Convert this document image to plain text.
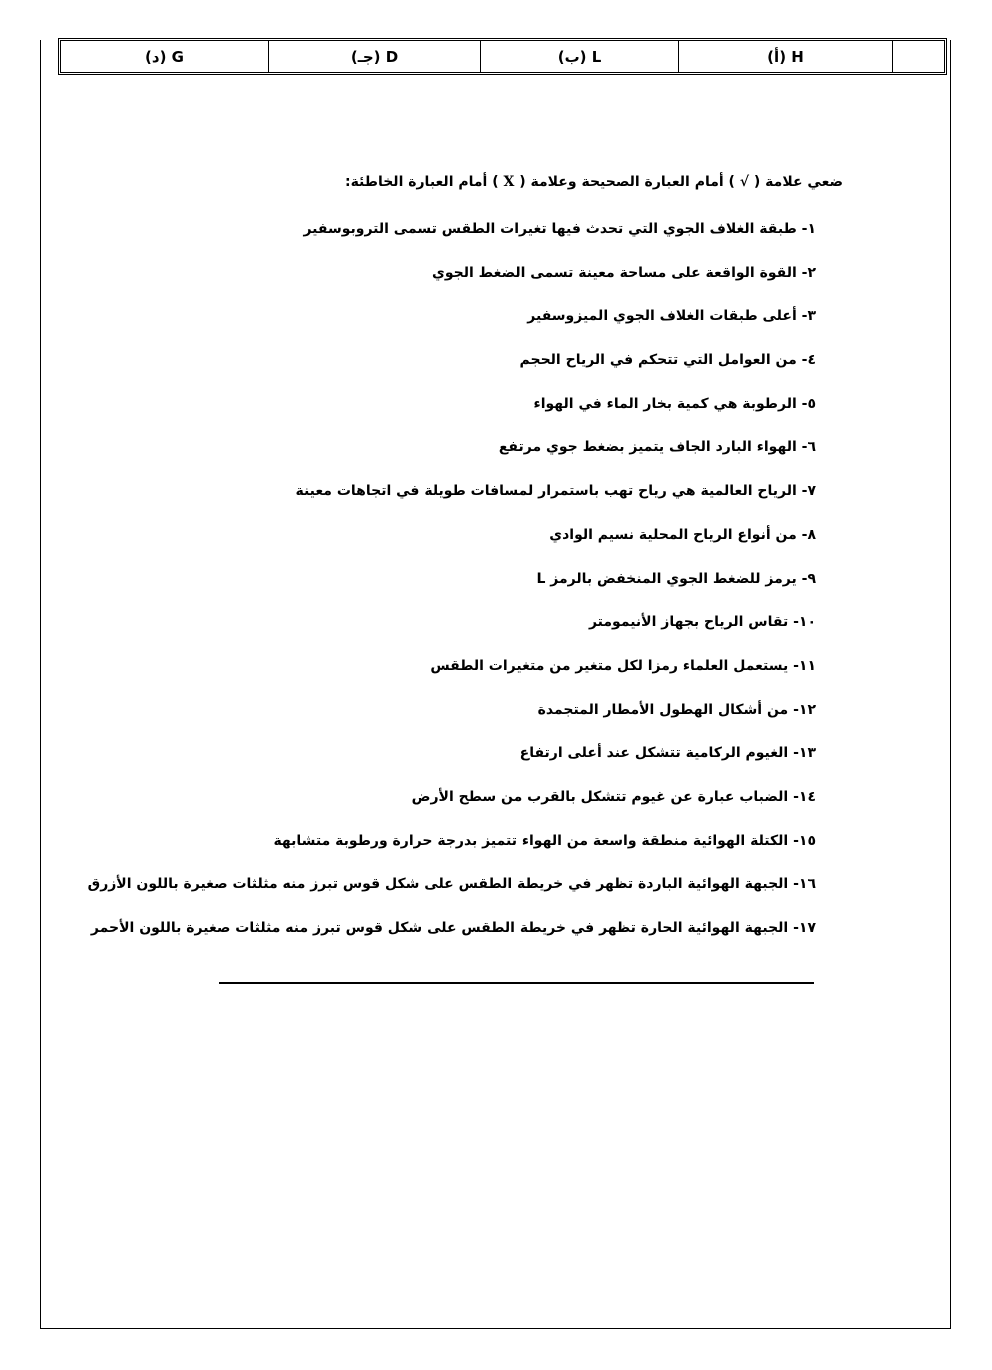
(أ) H
(ب) L
(جـ) D
(د) G
ضعي علامة ( √ ) أمام العبارة الصحيحة وعلامة ( X ) أمام العبارة الخاطئة:
١- طبقة الغلاف الجوي التي تحدث فيها تغيرات الطقس تسمى التروبوسفير
٢- القوة الواقعة على مساحة معينة تسمى الضغط الجوي
٣- أعلى طبقات الغلاف الجوي الميزوسفير
٤- من العوامل التي تتحكم في الرياح الحجم
٥- الرطوبة هي كمية بخار الماء في الهواء
٦- الهواء البارد الجاف يتميز بضغط جوي مرتفع
٧- الرياح العالمية هي رياح تهب باستمرار لمسافات طويلة في اتجاهات معينة
٨- من أنواع الرياح المحلية نسيم الوادي
٩- يرمز للضغط الجوي المنخفض بالرمز L
١٠- تقاس الرياح بجهاز الأنيمومتر
١١- يستعمل العلماء رمزا لكل متغير من متغيرات الطقس
١٢- من أشكال الهطول الأمطار المتجمدة
١٣- الغيوم الركامية تتشكل عند أعلى ارتفاع
١٤- الضباب عبارة عن غيوم تتشكل بالقرب من سطح الأرض
١٥- الكتلة الهوائية منطقة واسعة من الهواء تتميز بدرجة حرارة ورطوبة متشابهة
١٦- الجبهة الهوائية الباردة تظهر في خريطة الطقس على شكل قوس تبرز منه مثلثات صغيرة باللون الأزرق
١٧- الجبهة الهوائية الحارة تظهر في خريطة الطقس على شكل قوس تبرز منه مثلثات صغيرة باللون الأحمر
